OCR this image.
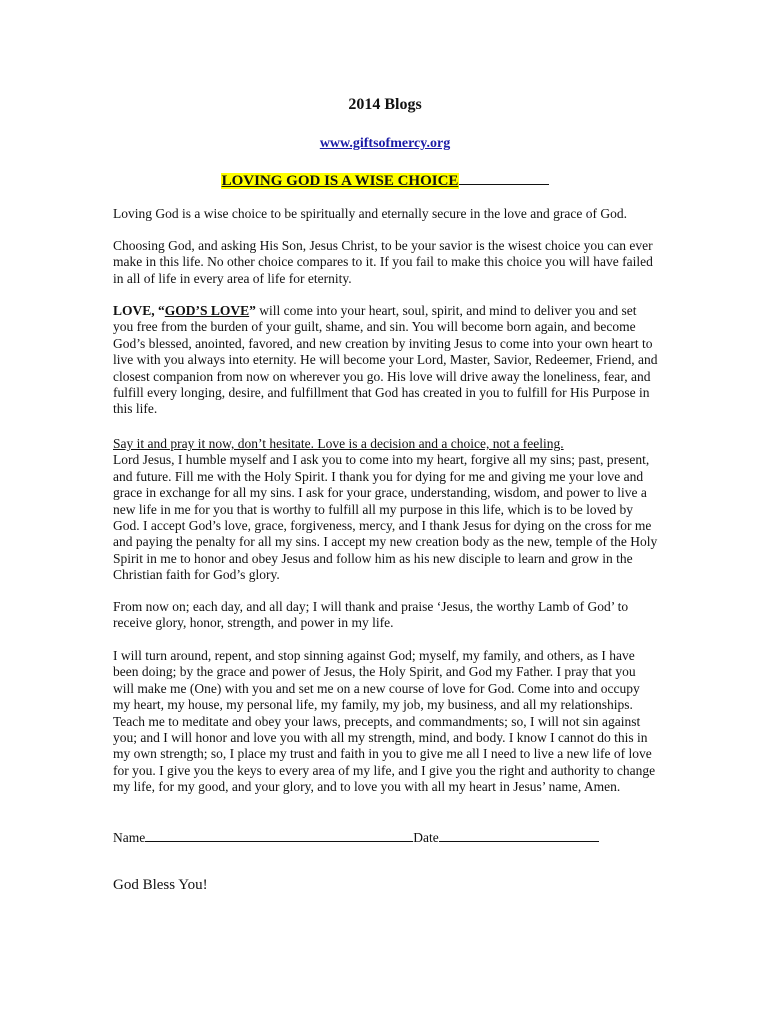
2014 Blogs
www.giftsofmercy.org
LOVING GOD IS A WISE CHOICE

Loving God is a wise choice to be spiritually and eternally secure in the love and grace of God.

Choosing God, and asking His Son, Jesus Christ, to be your savior is the wisest choice you can ever make in this life. No other choice compares to it. If you fail to make this choice you will have failed in all of life in every area of life for eternity.

LOVE, “GOD’S LOVE” will come into your heart, soul, spirit, and mind to deliver you and set you free from the burden of your guilt, shame, and sin. You will become born again, and become God’s blessed, anointed, favored, and new creation by inviting Jesus to come into your own heart to live with you always into eternity. He will become your Lord, Master, Savior, Redeemer, Friend, and closest companion from now on wherever you go. His love will drive away the loneliness, fear, and fulfill every longing, desire, and fulfillment that God has created in you to fulfill for His Purpose in this life.

Say it and pray it now, don’t hesitate. Love is a decision and a choice, not a feeling.

Lord Jesus, I humble myself and I ask you to come into my heart, forgive all my sins; past, present, and future. Fill me with the Holy Spirit. I thank you for dying for me and giving me your love and grace in exchange for all my sins. I ask for your grace, understanding, wisdom, and power to live a new life in me for you that is worthy to fulfill all my purpose in this life, which is to be loved by God. I accept God’s love, grace, forgiveness, mercy, and I thank Jesus for dying on the cross for me and paying the penalty for all my sins. I accept my new creation body as the new, temple of the Holy Spirit in me to honor and obey Jesus and follow him as his new disciple to learn and grow in the Christian faith for God’s glory.

From now on; each day, and all day; I will thank and praise ‘Jesus, the worthy Lamb of God’ to receive glory, honor, strength, and power in my life.

I will turn around, repent, and stop sinning against God; myself, my family, and others, as I have been doing; by the grace and power of Jesus, the Holy Spirit, and God my Father. I pray that you will make me (One) with you and set me on a new course of love for God. Come into and occupy my heart, my house, my personal life, my family, my job, my business, and all my relationships. Teach me to meditate and obey your laws, precepts, and commandments; so, I will not sin against you; and I will honor and love you with all my strength, mind, and body. I know I cannot do this in my own strength; so, I place my trust and faith in you to give me all I need to live a new life of love for you. I give you the keys to every area of my life, and I give you the right and authority to change my life, for my good, and your glory, and to love you with all my heart in Jesus’ name, Amen.

Name	Date
God Bless You!
